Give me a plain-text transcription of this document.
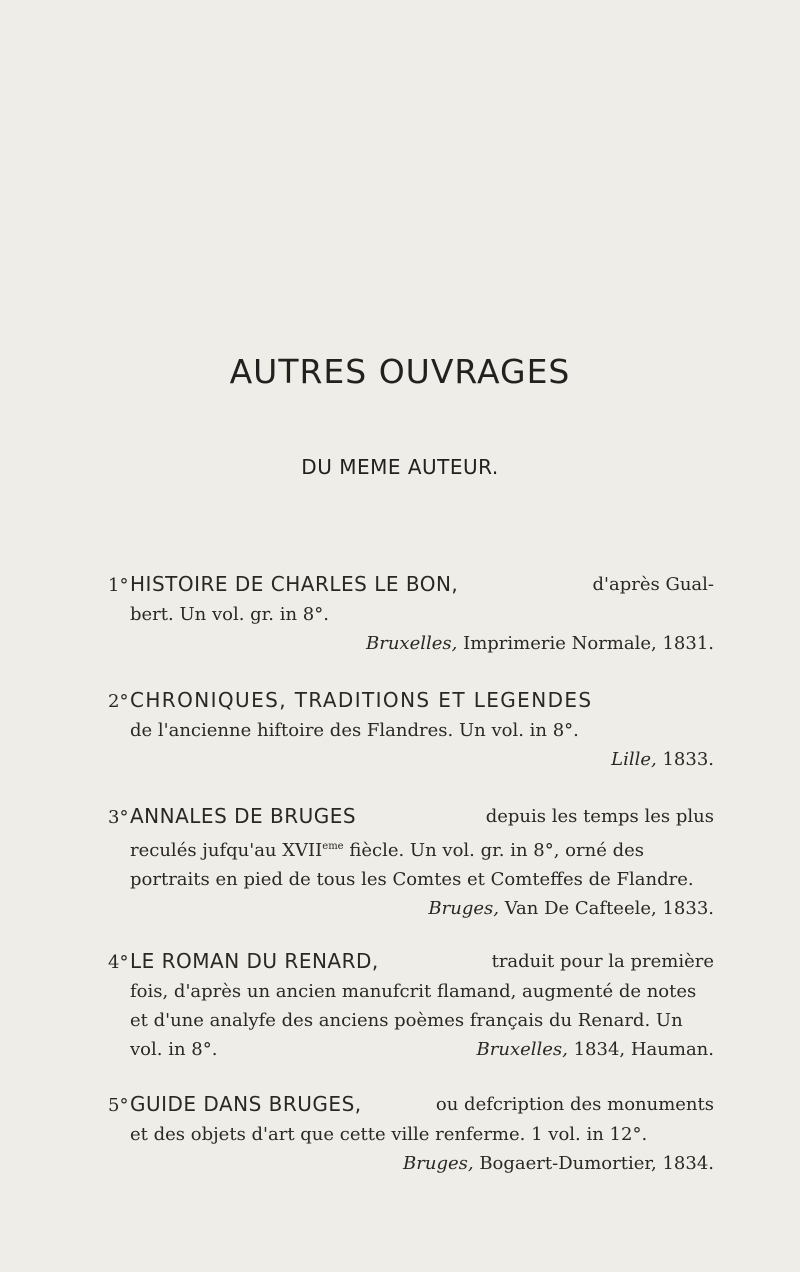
AUTRES OUVRAGES
DU MEME AUTEUR.
1°HISTOIRE DE CHARLES LE BON,	d'après Gual-
bert. Un vol. gr. in 8°.
Bruxelles, Imprimerie Normale, 1831.
2°CHRONIQUES, TRADITIONS ET LEGENDES
de l'ancienne hiftoire des Flandres. Un vol. in 8°.
Lille, 1833.
3°ANNALES DE BRUGES	depuis les temps les plus
reculés jufqu'au XVIIeme fiècle. Un vol. gr. in 8°, orné des
portraits en pied de tous les Comtes et Comteffes de Flandre.
Bruges, Van De Cafteele, 1833.
4°LE ROMAN DU RENARD,	traduit pour la première
fois, d'après un ancien manufcrit flamand, augmenté de notes
et d'une analyfe des anciens poèmes français du Renard. Un
vol. in 8°.	Bruxelles, 1834, Hauman.
5°GUIDE DANS BRUGES,	ou defcription des monuments
et des objets d'art que cette ville renferme. 1 vol. in 12°.
Bruges, Bogaert-Dumortier, 1834.
